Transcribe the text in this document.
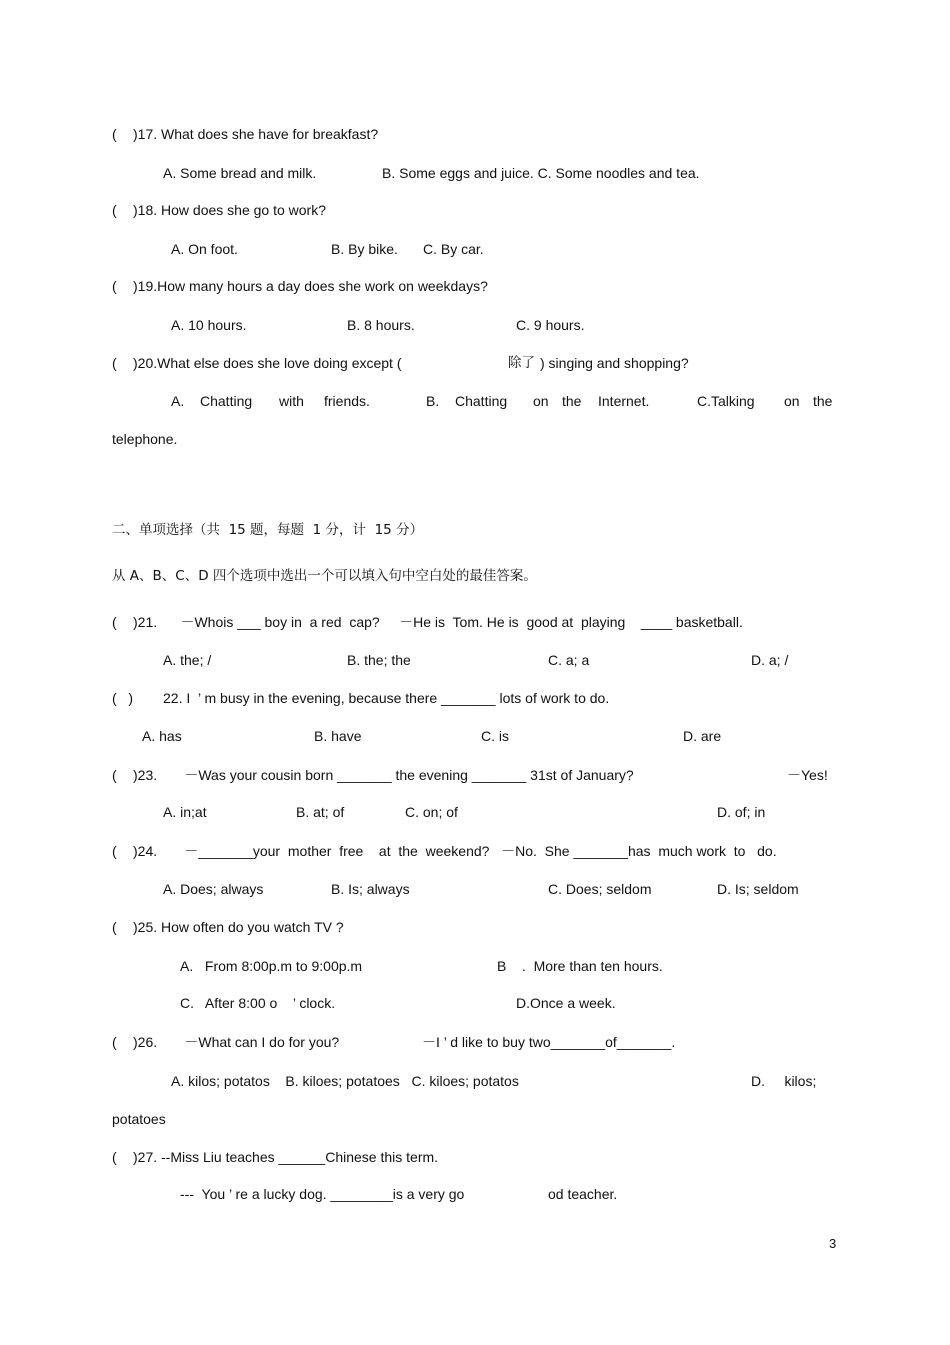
( )17. What does she have for breakfast?
A. Some bread and milk.	B. Some eggs and juice. C. Some noodles and tea.
( )18. How does she go to work?
A. On foot.	B. By bike. C. By car.
( )19.How many hours a day does she work on weekdays?
A. 10 hours.	B. 8 hours.	C. 9 hours.
( )20.What else does she love doing except (	除了 ) singing and shopping?
A. Chatting with friends.	B. Chatting on the Internet.	C.Talking on the
telephone.
二、单项选择（共  15 题，每题  1 分，计  15 分）
从 A、B、C、D 四个选项中选出一个可以填入句中空白处的最佳答案。
( )21.      －Whois ___ boy in  a red  cap?     －He is  Tom. He is  good at  playing    ____ basketball.
A. the; /	B. the; the	C. a; a	D. a; /
(   ) 22. I  ’ m busy in the evening, because there _______ lots of work to do.
A. has	B. have	C. is	D. are
( )23.       －Was your cousin born _______ the evening _______ 31st of January?	－Yes!
A. in;at	B. at; of	C. on; of	D. of; in
( )24.       －_______your  mother  free    at  the  weekend?   －No.  She _______has  much work  to   do.
A. Does; always	B. Is; always	C. Does; seldom	D. Is; seldom
( )25. How often do you watch TV ?
A.   From 8:00p.m to 9:00p.m	B    .  More than ten hours.
C.   After 8:00 o    ’ clock.	D.Once a week.
( )26.       －What can I do for you?	－I ’ d like to buy two_______of_______.
A. kilos; potatos    B. kiloes; potatoes   C. kiloes; potatos	D.     kilos;
potatoes
( )27. --Miss Liu teaches ______Chinese this term.
---  You ’ re a lucky dog. ________is a very go	od teacher.
3
